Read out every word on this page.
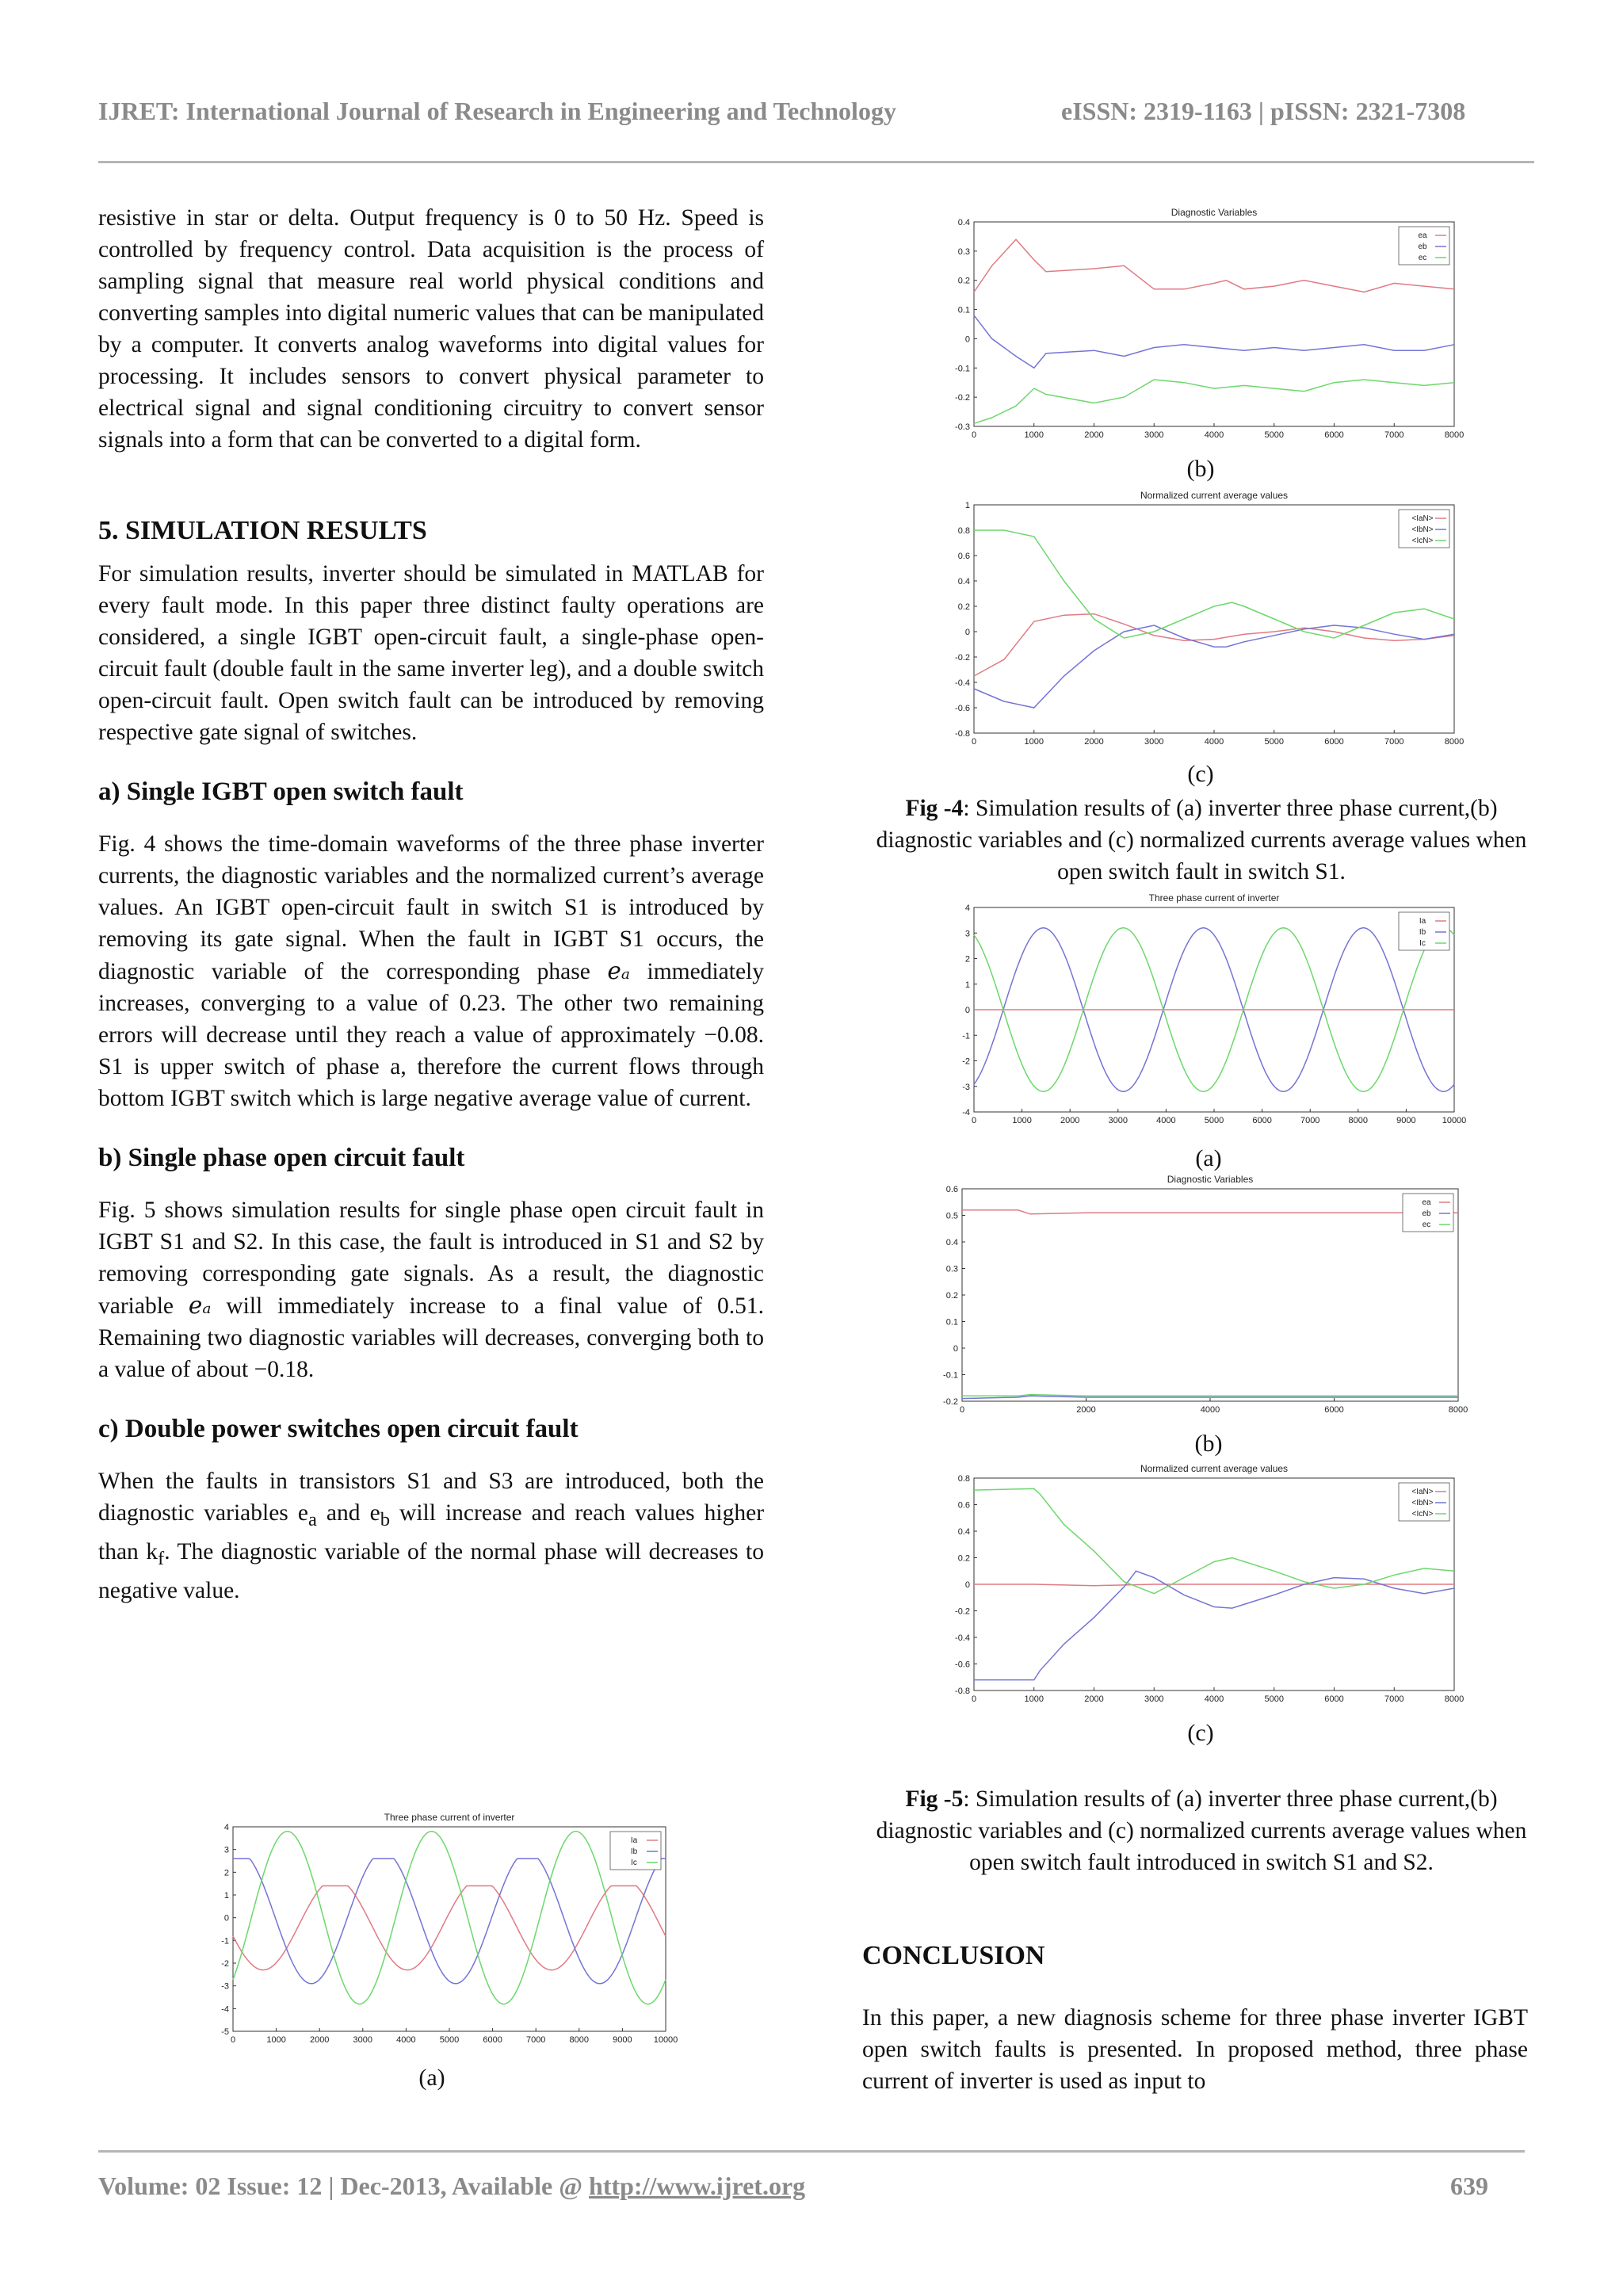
IJRET: International Journal of Research in Engineering and Technology	eISSN: 2319-1163 | pISSN: 2321-7308

resistive in star or delta. Output frequency is 0 to 50 Hz. Speed is controlled by frequency control. Data acquisition is the process of sampling signal that measure real world physical conditions and converting samples into digital numeric values that can be manipulated by a computer. It converts analog waveforms into digital values for processing. It includes sensors to convert physical parameter to electrical signal and signal conditioning circuitry to convert sensor signals into a form that can be converted to a digital form.

5. SIMULATION RESULTS

For simulation results, inverter should be simulated in MATLAB for every fault mode. In this paper three distinct faulty operations are considered, a single IGBT open-circuit fault, a single-phase open-circuit fault (double fault in the same inverter leg), and a double switch open-circuit fault. Open switch fault can be introduced by removing respective gate signal of switches.

a) Single IGBT open switch fault

Fig. 4 shows the time-domain waveforms of the three phase inverter currents, the diagnostic variables and the normalized current’s average values. An IGBT open-circuit fault in switch S1 is introduced by removing its gate signal. When the fault in IGBT S1 occurs, the diagnostic variable of the corresponding phase eₐ immediately increases, converging to a value of 0.23. The other two remaining errors will decrease until they reach a value of approximately −0.08. S1 is upper switch of phase a, therefore the current flows through bottom IGBT switch which is large negative average value of current.

b) Single phase open circuit fault

Fig. 5 shows simulation results for single phase open circuit fault in IGBT S1 and S2. In this case, the fault is introduced in S1 and S2 by removing corresponding gate signals. As a result, the diagnostic variable eₐ will immediately increase to a final value of 0.51. Remaining two diagnostic variables will decreases, converging both to a value of about −0.18.

c) Double power switches open circuit fault

When the faults in transistors S1 and S3 are introduced, both the diagnostic variables $e_a$ and $e_b$ will increase and reach values higher than $k_f$. The diagnostic variable of the normal phase will decreases to negative value.

Three phase current of inverter
0	1000	2000	3000	4000	5000	6000	7000	8000	9000 10000
-5
-4
-3
-2
-1
0
1
2
3
4
Ia
Ib
Ic
(a)
Diagnostic Variables
0	1000	2000	3000	4000	5000	6000	7000	8000
-0.3
-0.2
-0.1
0
0.1
0.2
0.3
0.4
ea
eb
ec
(b)
Normalized current average values
0	1000	2000	3000	4000	5000	6000	7000	8000
-0.8
-0.6
-0.4
-0.2
0
0.2
0.4
0.6
0.8
1
<IaN>
<IbN>
<IcN>
(c)
Fig -4: Simulation results of (a) inverter three phase current,(b) diagnostic variables and (c) normalized currents average values when open switch fault in switch S1.
Three phase current of inverter
0	1000	2000	3000	4000	5000	6000	7000	8000	9000	10000
-4
-3
-2
-1
0
1
2
3
4
Ia
Ib
Ic
(a)
Diagnostic Variables
0	2000	4000	6000	8000
-0.2
-0.1
0
0.1
0.2
0.3
0.4
0.5
0.6
ea
eb
ec
(b)
Normalized current average values
0	1000	2000	3000	4000	5000	6000	7000	8000
-0.8
-0.6
-0.4
-0.2
0
0.2
0.4
0.6
0.8
<IaN>
<IbN>
<IcN>
(c)
Fig -5: Simulation results of (a) inverter three phase current,(b) diagnostic variables and (c) normalized currents average values when open switch fault introduced in switch S1 and S2.
CONCLUSION

In this paper, a new diagnosis scheme for three phase inverter IGBT open switch faults is presented. In proposed method, three phase current of inverter is used as input to

Volume: 02 Issue: 12 | Dec-2013, Available @ http://www.ijret.org	639
